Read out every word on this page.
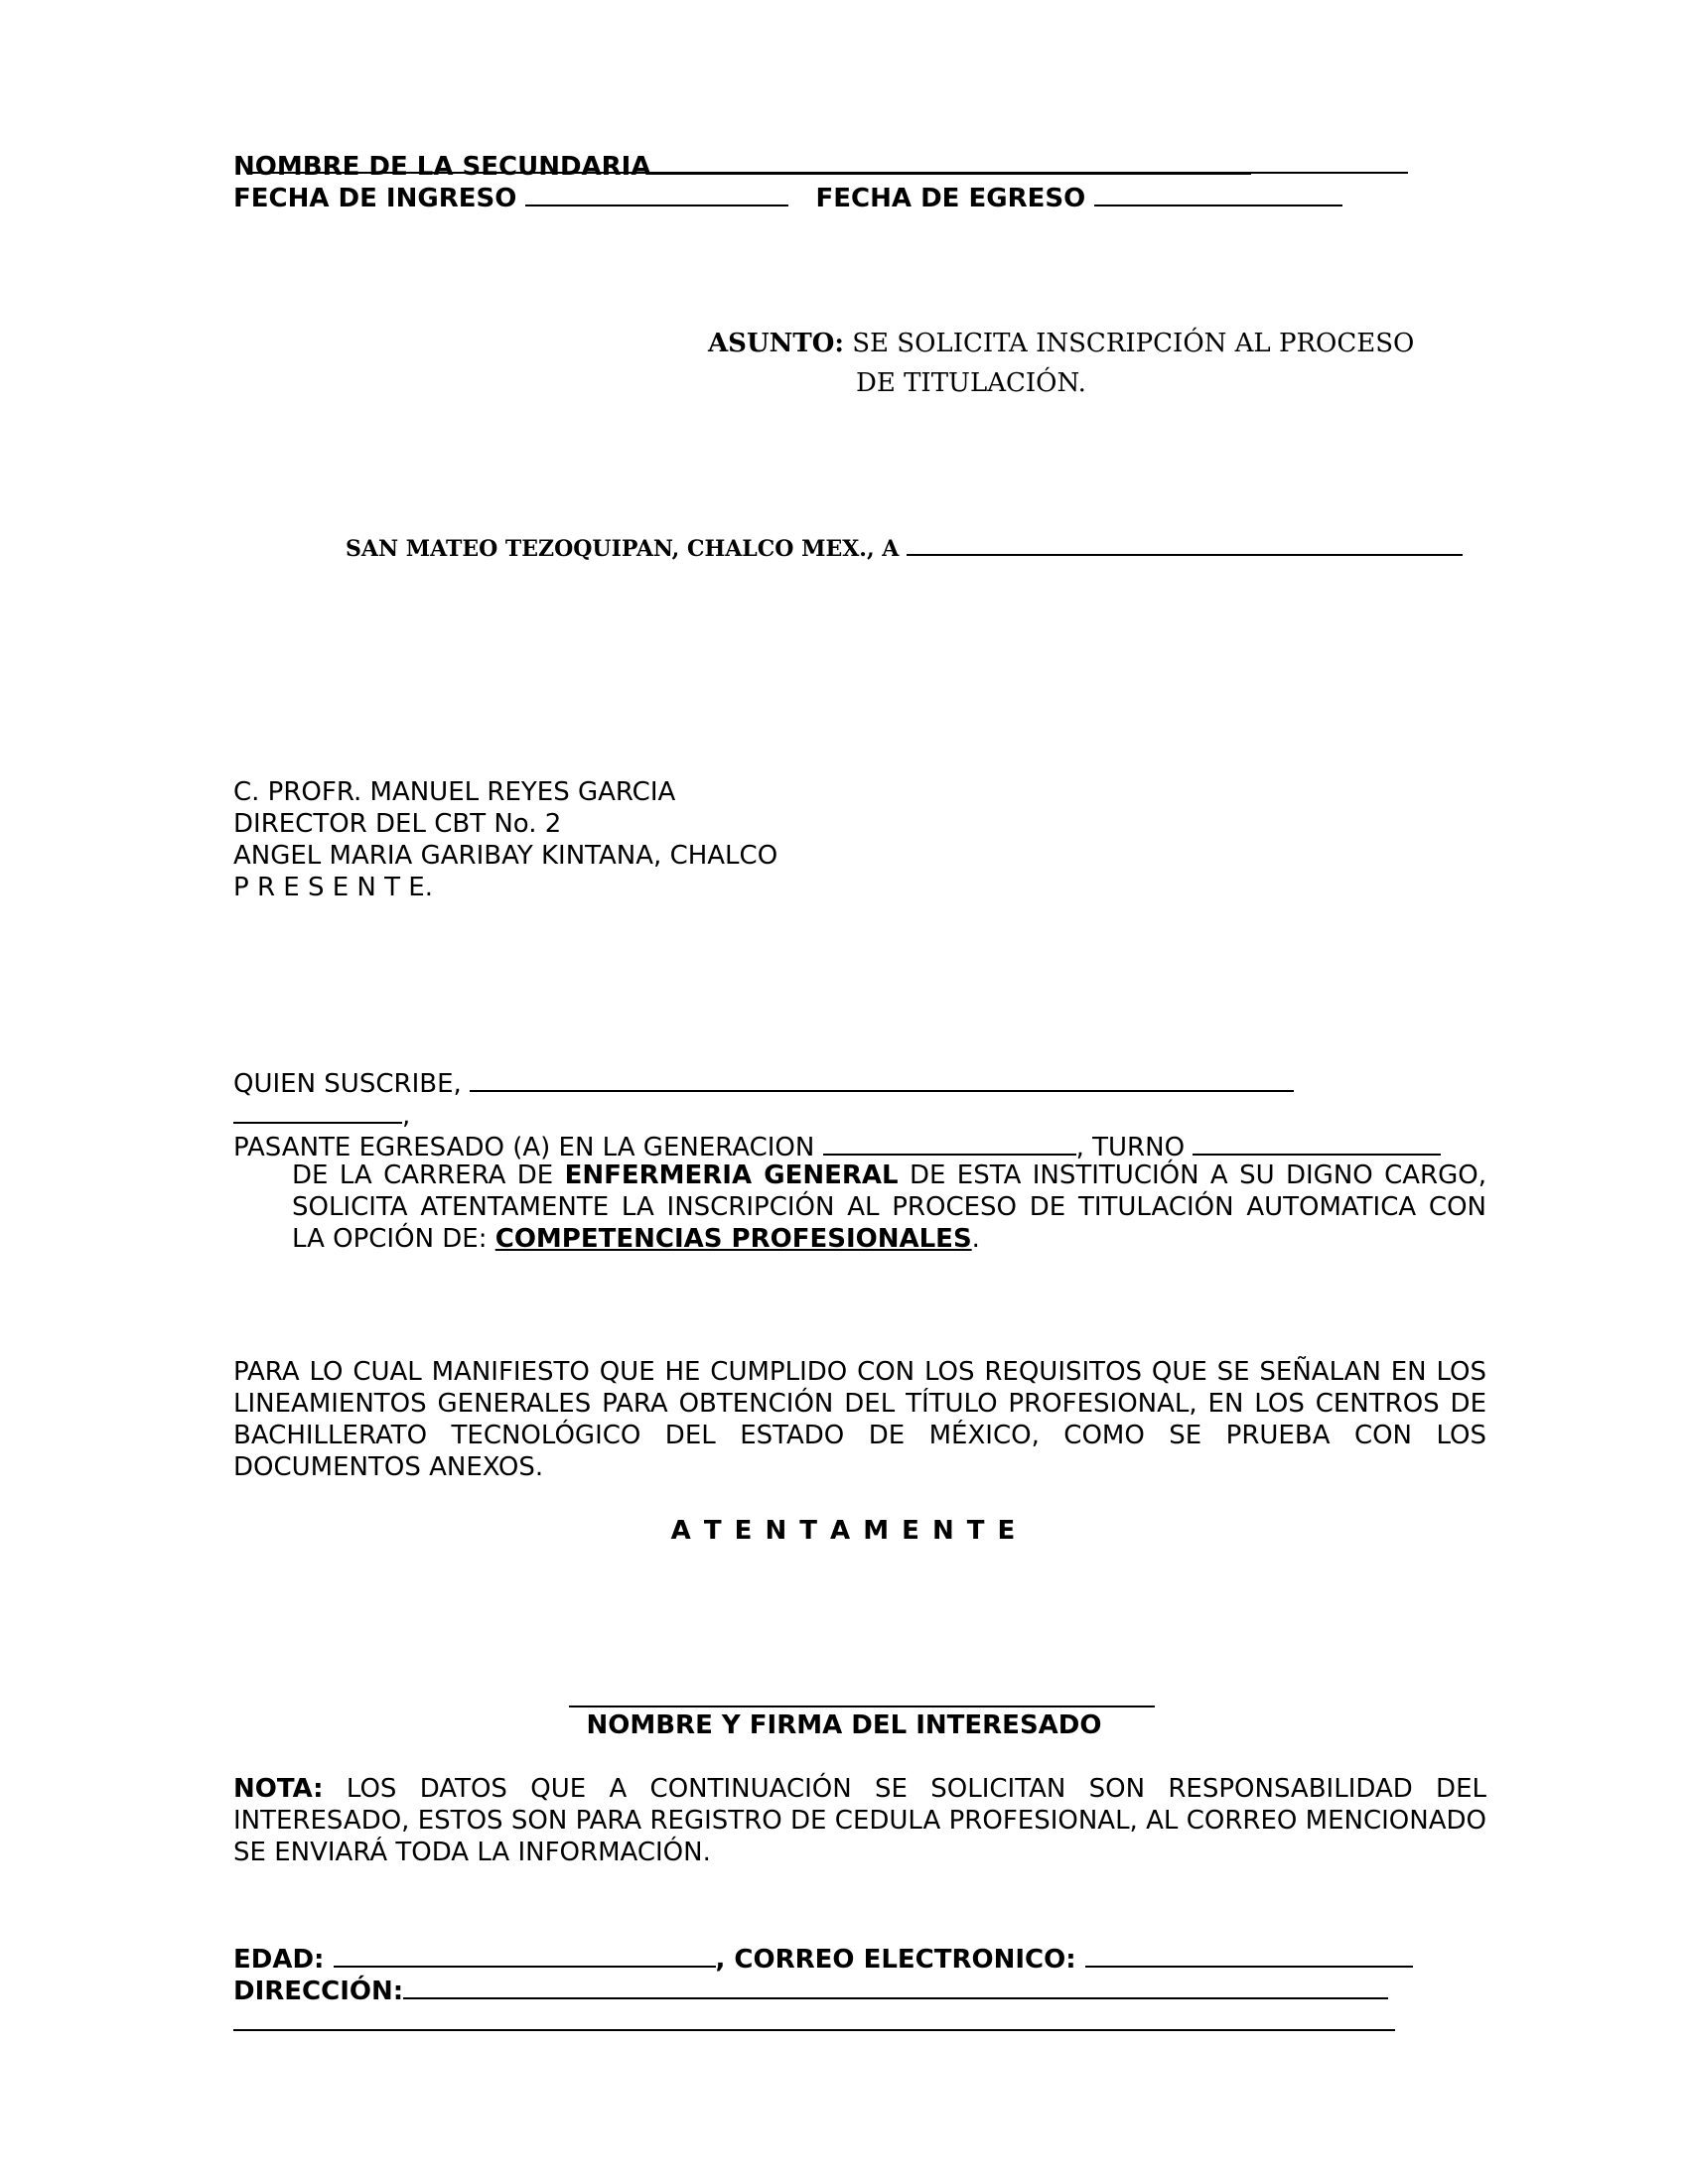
NOMBRE DE LA SECUNDARIA
FECHA DE INGRESO	FECHA DE EGRESO
ASUNTO: SE SOLICITA INSCRIPCIÓN AL PROCESO
DE TITULACIÓN.
SAN MATEO TEZOQUIPAN, CHALCO MEX., A
C. PROFR. MANUEL REYES GARCIA
DIRECTOR DEL CBT No. 2
ANGEL MARIA GARIBAY KINTANA, CHALCO
P R E S E N T E.
QUIEN SUSCRIBE,
,
PASANTE EGRESADO (A) EN LA GENERACION	, TURNO
DE LA CARRERA DE ENFERMERIA GENERAL DE ESTA INSTITUCIÓN A SU DIGNO CARGO, SOLICITA ATENTAMENTE LA INSCRIPCIÓN AL PROCESO DE TITULACIÓN AUTOMATICA CON LA OPCIÓN DE: COMPETENCIAS PROFESIONALES.
PARA LO CUAL MANIFIESTO QUE HE CUMPLIDO CON LOS REQUISITOS QUE SE SEÑALAN EN LOS LINEAMIENTOS GENERALES PARA OBTENCIÓN DEL TÍTULO PROFESIONAL, EN LOS CENTROS DE BACHILLERATO TECNOLÓGICO DEL ESTADO DE MÉXICO, COMO SE PRUEBA CON LOS DOCUMENTOS ANEXOS.
A T E N T A M E N T E
NOMBRE Y FIRMA DEL INTERESADO
NOTA: LOS DATOS QUE A CONTINUACIÓN SE SOLICITAN SON RESPONSABILIDAD DEL INTERESADO, ESTOS SON PARA REGISTRO DE CEDULA PROFESIONAL, AL CORREO MENCIONADO SE ENVIARÁ TODA LA INFORMACIÓN.
EDAD:	, CORREO ELECTRONICO:
DIRECCIÓN:
